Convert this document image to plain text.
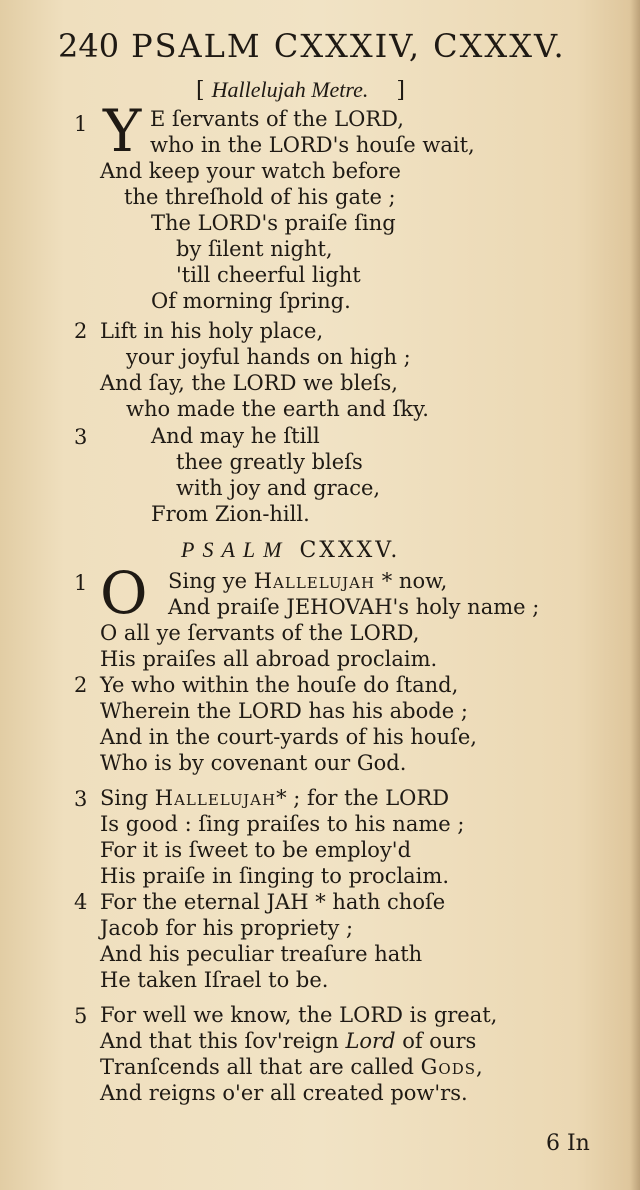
240 PSALM CXXXIV, CXXXV.
[ Hallelujah Metre. ]
1 Y E ſervants of the LORD,
who in the LORD's houſe wait,
And keep your watch before
the threſhold of his gate ;
The LORD's praiſe ſing
by ſilent night,
'till cheerful light
Of morning ſpring.
2 Lift in his holy place,
your joyful hands on high ;
And ſay, the LORD we bleſs,
who made the earth and ſky.
3	And may he ſtill
thee greatly bleſs
with joy and grace,
From Zion-hill.
PSALM CXXXV.
1 O Sing ye Hallelujah * now,
And praiſe JEHOVAH's holy name ;
O all ye ſervants of the LORD,
His praiſes all abroad proclaim.
2 Ye who within the houſe do ſtand,
Wherein the LORD has his abode ;
And in the court-yards of his houſe,
Who is by covenant our God.
3 Sing Hallelujah* ; for the LORD
Is good : ſing praiſes to his name ;
For it is ſweet to be employ'd
His praiſe in ſinging to proclaim.
4 For the eternal JAH * hath choſe
Jacob for his propriety ;
And his peculiar treaſure hath
He taken Iſrael to be.
5 For well we know, the LORD is great,
And that this ſov'reign Lord of ours
Tranſcends all that are called Gods,
And reigns o'er all created pow'rs.
6 In
